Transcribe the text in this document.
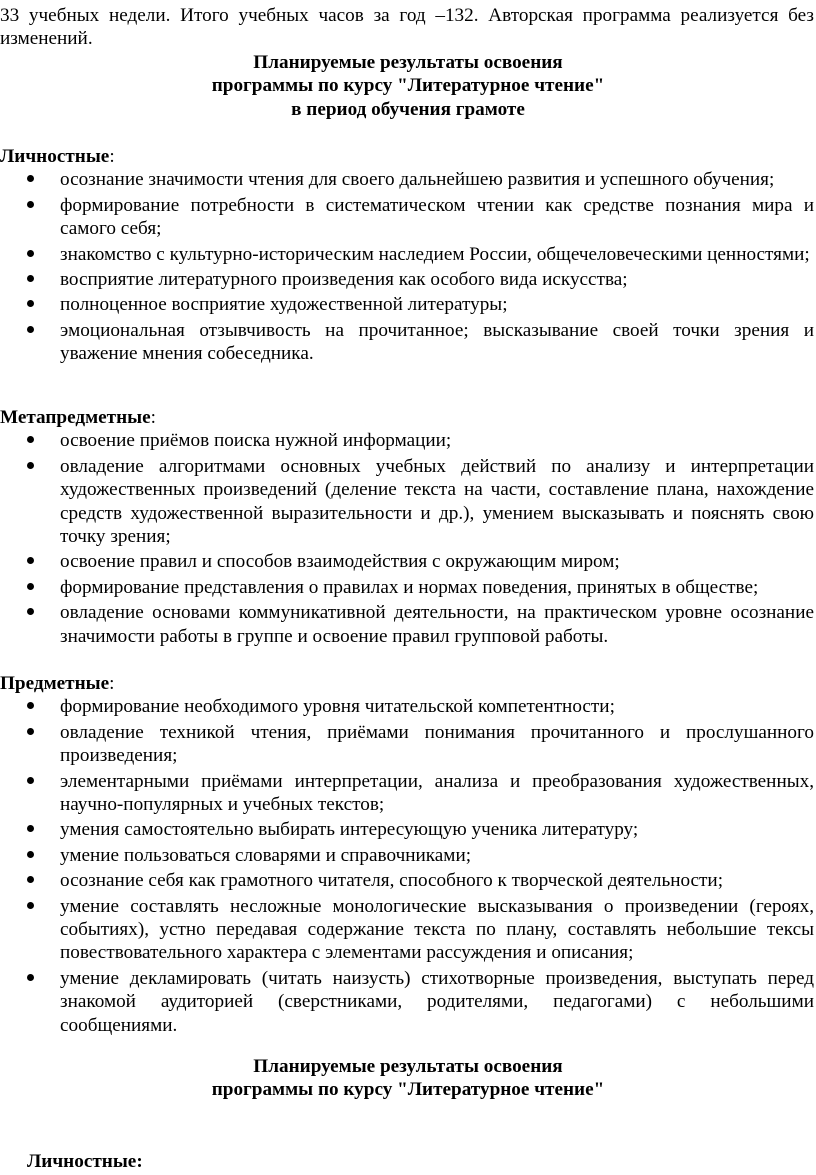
33 учебных недели. Итого учебных часов за год –132. Авторская программа реализуется без изменений.

Планируемые результаты освоения

программы по курсу "Литературное чтение"

в период обучения грамоте

Личностные:

осознание значимости чтения для своего дальнейшею развития и успешного обучения;
формирование потребности в систематическом чтении как средстве познания мира и самого себя;
знакомство с культурно-историческим наследием России, общечеловеческими ценностями;
восприятие литературного произведения как особого вида искусства;
полноценное восприятие художественной литературы;
эмоциональная отзывчивость на прочитанное; высказывание своей точки зрения и уважение мнения собеседника.

Метапредметные:

освоение приёмов поиска нужной информации;
овладение алгоритмами основных учебных действий по анализу и интерпретации художественных произведений (деление текста на части, составление плана, нахождение средств художественной выразительности и др.), умением высказывать и пояснять свою точку зрения;
освоение правил и способов взаимодействия с окружающим миром;
формирование представления о правилах и нормах поведения, принятых в обществе;
овладение основами коммуникативной деятельности, на практическом уровне осознание значимости работы в группе и освоение правил групповой работы.

Предметные:

формирование необходимого уровня читательской компетентности;
овладение техникой чтения, приёмами понимания прочитанного и прослушанного произведения;
элементарными приёмами интерпретации, анализа и преобразования художественных, научно-популярных и учебных текстов;
умения самостоятельно выбирать интересующую ученика литературу;
умение пользоваться словарями и справочниками;
осознание себя как грамотного читателя, способного к творческой деятельности;
умение составлять несложные монологические высказывания о произведении (героях, событиях), устно передавая содержание текста по плану, составлять небольшие тексы повествовательного характера с элементами рассуждения и описания;
умение декламировать (читать наизусть) стихотворные произведения, выступать перед знакомой аудиторией (сверстниками, родителями, педагогами) с небольшими сообщениями.

Планируемые результаты освоения

программы по курсу "Литературное чтение"

Личностные:
